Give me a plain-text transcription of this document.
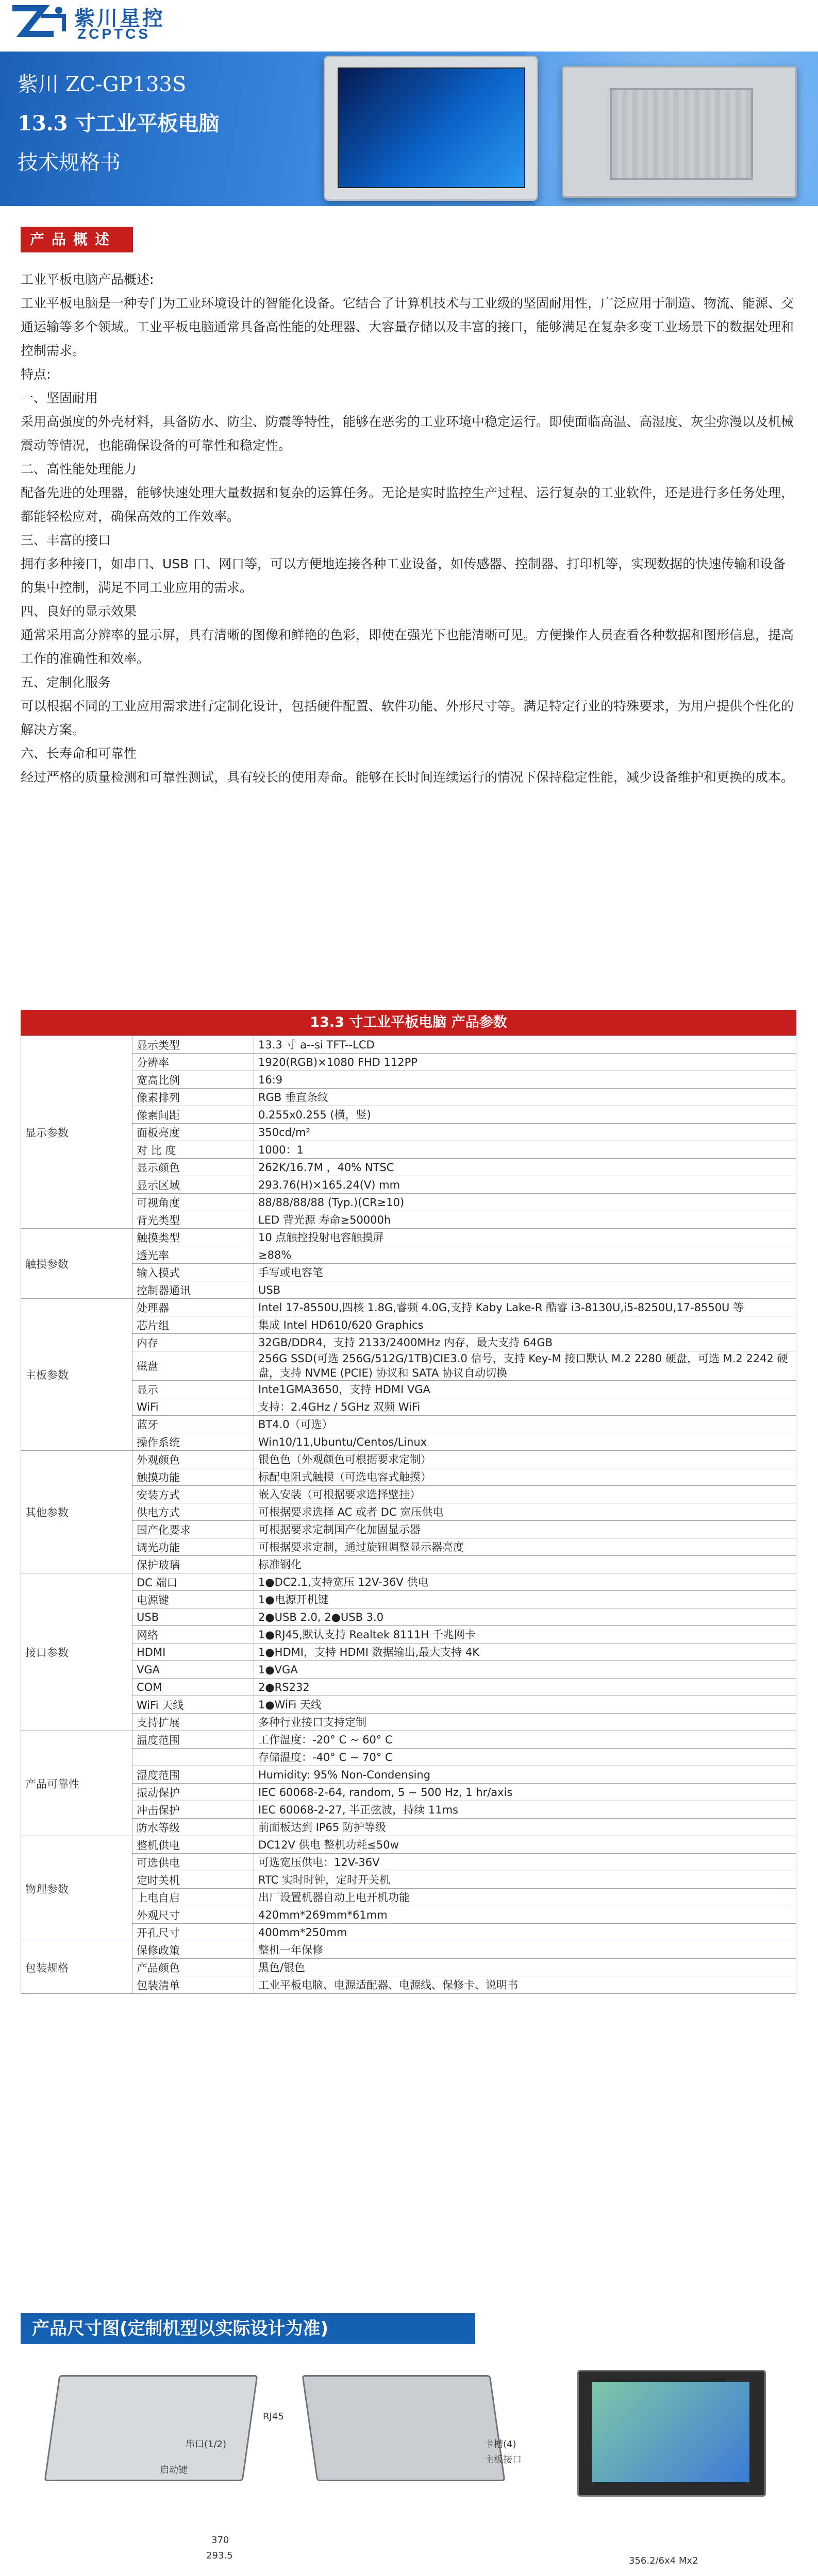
紫川星控
ZCPTCS
紫川 ZC-GP133S
13.3 寸工业平板电脑
技术规格书
产品概述

工业平板电脑产品概述:

工业平板电脑是一种专门为工业环境设计的智能化设备。它结合了计算机技术与工业级的坚固耐用性，广泛应用于制造、物流、能源、交通运输等多个领域。工业平板电脑通常具备高性能的处理器、大容量存储以及丰富的接口，能够满足在复杂多变工业场景下的数据处理和控制需求。

特点:

一、坚固耐用

采用高强度的外壳材料，具备防水、防尘、防震等特性，能够在恶劣的工业环境中稳定运行。即使面临高温、高湿度、灰尘弥漫以及机械震动等情况，也能确保设备的可靠性和稳定性。

二、高性能处理能力

配备先进的处理器，能够快速处理大量数据和复杂的运算任务。无论是实时监控生产过程、运行复杂的工业软件，还是进行多任务处理，都能轻松应对，确保高效的工作效率。

三、丰富的接口

拥有多种接口，如串口、USB 口、网口等，可以方便地连接各种工业设备，如传感器、控制器、打印机等，实现数据的快速传输和设备的集中控制，满足不同工业应用的需求。

四、良好的显示效果

通常采用高分辨率的显示屏，具有清晰的图像和鲜艳的色彩，即使在强光下也能清晰可见。方便操作人员查看各种数据和图形信息，提高工作的准确性和效率。

五、定制化服务

可以根据不同的工业应用需求进行定制化设计，包括硬件配置、软件功能、外形尺寸等。满足特定行业的特殊要求，为用户提供个性化的解决方案。

六、长寿命和可靠性

经过严格的质量检测和可靠性测试，具有较长的使用寿命。能够在长时间连续运行的情况下保持稳定性能，减少设备维护和更换的成本。

13.3 寸工业平板电脑 产品参数
显示参数	显示类型	13.3 寸 a--si TFT--LCD
	分辨率	1920(RGB)×1080 FHD 112PP
	宽高比例	16:9
	像素排列	RGB 垂直条纹
	像素间距	0.255x0.255 (横，竖)
	面板亮度	350cd/m²
	对 比 度	1000：1
	显示颜色	262K/16.7M ，40% NTSC
	显示区域	293.76(H)×165.24(V) mm
	可视角度	88/88/88/88 (Typ.)(CR≥10)
	背光类型	LED 背光源 寿命≥50000h
触摸参数	触摸类型	10 点触控投射电容触摸屏
	透光率	≥88%
	输入模式	手写或电容笔
	控制器通讯	USB
主板参数	处理器	Intel 17-8550U,四核 1.8G,睿频 4.0G,支持 Kaby Lake-R 酷睿 i3-8130U,i5-8250U,17-8550U 等
	芯片组	集成 Intel HD610/620 Graphics
	内存	32GB/DDR4，支持 2133/2400MHz 内存，最大支持 64GB
	磁盘	256G SSD(可选 256G/512G/1TB)CIE3.0 信号，支持 Key-M 接口默认 M.2 2280 硬盘，可选 M.2 2242 硬盘，支持 NVME (PCIE) 协议和 SATA 协议自动切换
	显示	Inte1GMA3650，支持 HDMI VGA
	WiFi	支持：2.4GHz / 5GHz 双频 WiFi
	蓝牙	BT4.0（可选）
	操作系统	Win10/11,Ubuntu/Centos/Linux
其他参数	外观颜色	银色色（外观颜色可根据要求定制）
	触摸功能	标配电阻式触摸（可选电容式触摸）
	安装方式	嵌入安装（可根据要求选择壁挂）
	供电方式	可根据要求选择 AC 或者 DC 宽压供电
	国产化要求	可根据要求定制国产化加固显示器
	调光功能	可根据要求定制，通过旋钮调整显示器亮度
	保护玻璃	标准钢化
接口参数	DC 端口	1●DC2.1,支持宽压 12V-36V 供电
	电源键	1●电源开机键
	USB	2●USB 2.0, 2●USB 3.0
	网络	1●RJ45,默认支持 Realtek 8111H 千兆网卡
	HDMI	1●HDMI，支持 HDMI 数据输出,最大支持 4K
	VGA	1●VGA
	COM	2●RS232
	WiFi 天线	1●WiFi 天线
	支持扩展	多种行业接口支持定制
产品可靠性	温度范围	工作温度：-20° C ~ 60° C
		存储温度：-40° C ~ 70° C
	湿度范围	Humidity: 95% Non-Condensing
	振动保护	IEC 60068-2-64, random, 5 ~ 500 Hz, 1 hr/axis
	冲击保护	IEC 60068-2-27, 半正弦波，持续 11ms
	防水等级	前面板达到 IP65 防护等级
物理参数	整机供电	DC12V 供电 整机功耗≤50w
	可选供电	可选宽压供电：12V-36V
	定时关机	RTC 实时时钟，定时开关机
	上电自启	出厂设置机器自动上电开机功能
	外观尺寸	420mm*269mm*61mm
	开孔尺寸	400mm*250mm
包装规格	保修政策	整机一年保修
	产品颜色	黑色/银色
	包装清单	工业平板电脑、电源适配器、电源线、保修卡、说明书
产品尺寸图(定制机型以实际设计为准)
RJ45
串口(1/2)
启动键
卡槽(4)
主板接口
370
293.5	356.2/6x4 Mx2
